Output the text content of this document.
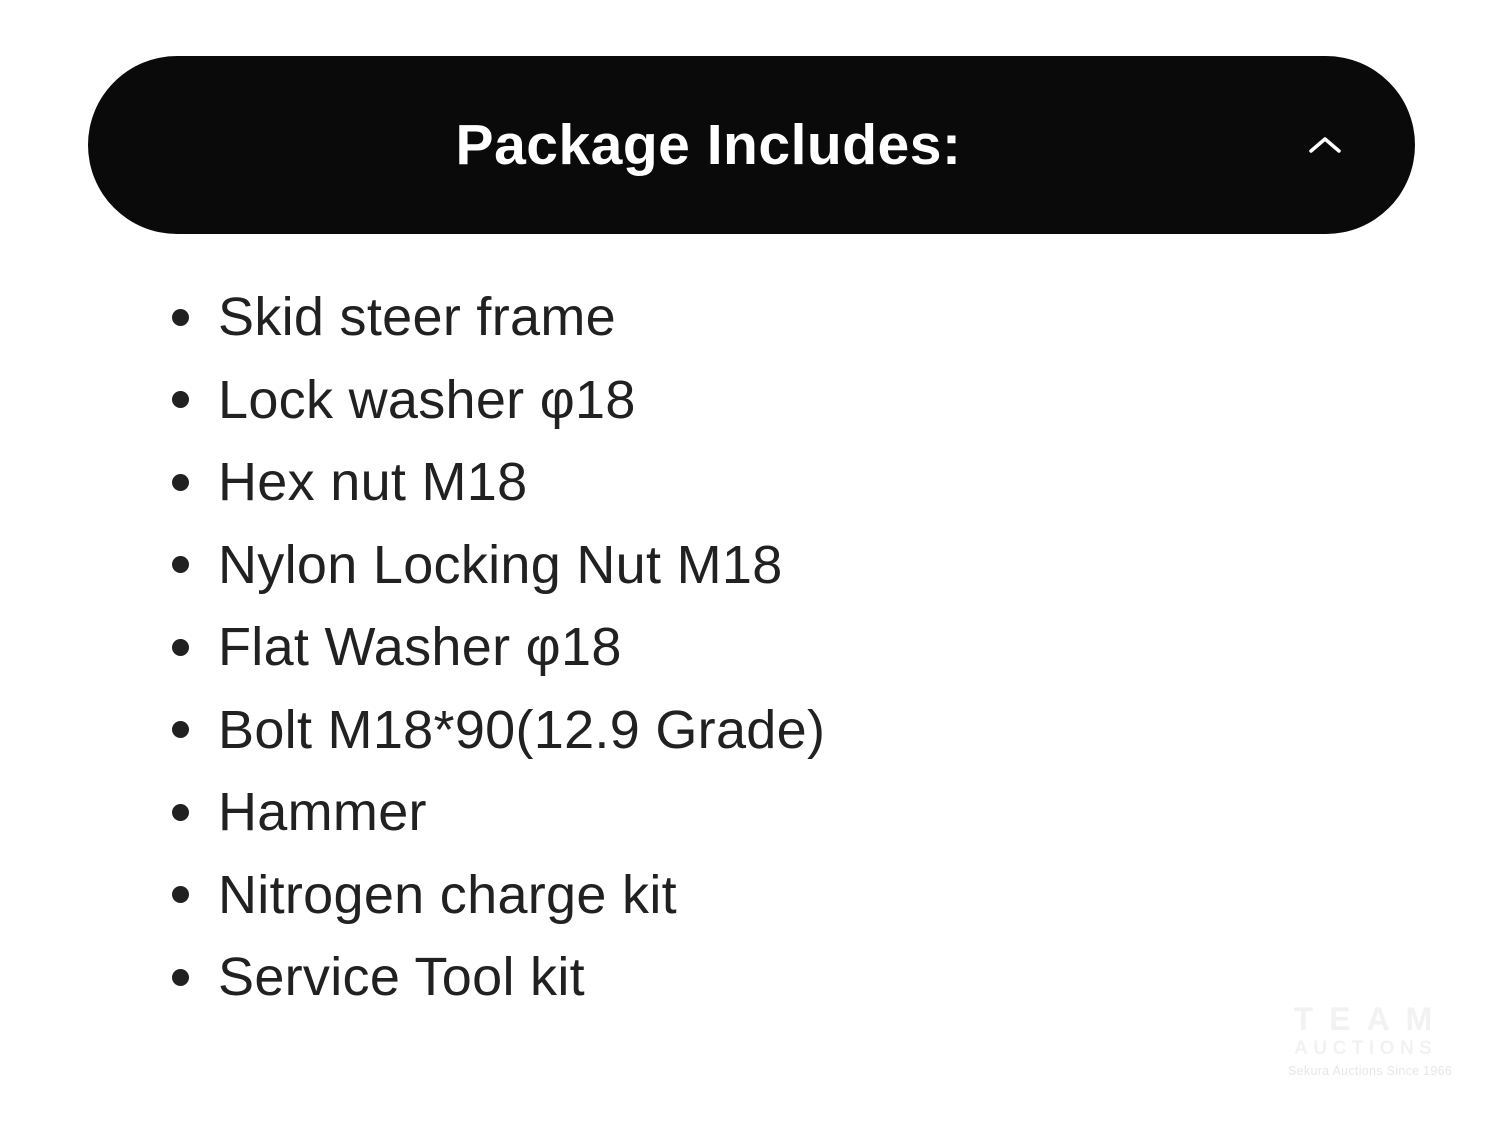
Package Includes:
Skid steer frame
Lock washer φ18
Hex nut M18
Nylon Locking Nut M18
Flat Washer φ18
Bolt M18*90(12.9 Grade)
Hammer
Nitrogen charge kit
Service Tool kit
TEAM
AUCTIONS
Sekura Auctions Since 1966
